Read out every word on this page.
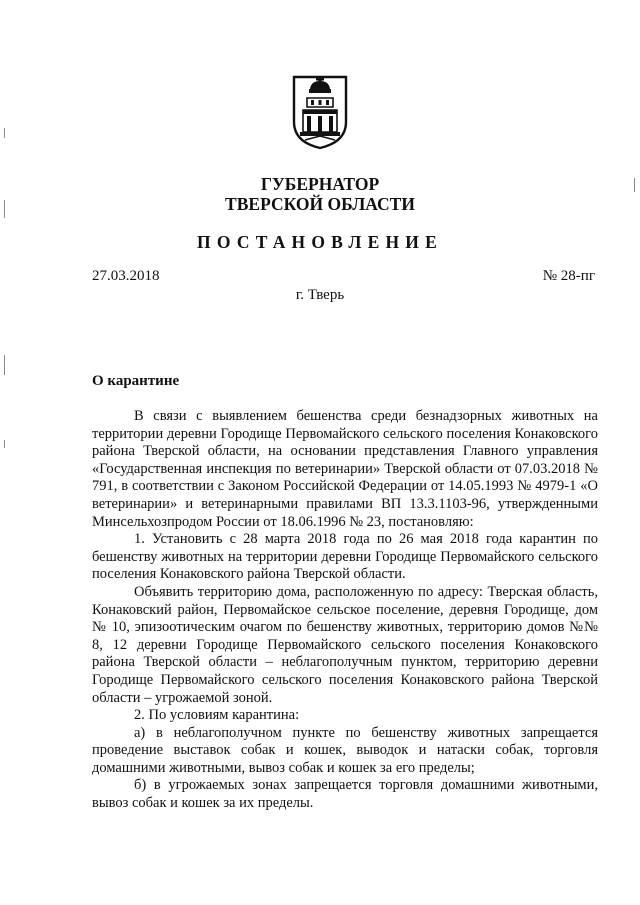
ГУБЕРНАТОР
ТВЕРСКОЙ ОБЛАСТИ
ПОСТАНОВЛЕНИЕ
27.03.2018	№ 28-пг
г. Тверь
О карантине

В связи с выявлением бешенства среди безнадзорных животных на территории деревни Городище Первомайского сельского поселения Конаковского района Тверской области, на основании представления Главного управления «Государственная инспекция по ветеринарии» Тверской области от 07.03.2018 № 791, в соответствии с Законом Российской Федерации от 14.05.1993 № 4979-1 «О ветеринарии» и ветеринарными правилами ВП 13.3.1103-96, утвержденными Минсельхозпродом России от 18.06.1996 № 23, постановляю:

1. Установить с 28 марта 2018 года по 26 мая 2018 года карантин по бешенству животных на территории деревни Городище Первомайского сельского поселения Конаковского района Тверской области.

Объявить территорию дома, расположенную по адресу: Тверская область, Конаковский район, Первомайское сельское поселение, деревня Городище, дом № 10, эпизоотическим очагом по бешенству животных, территорию домов №№ 8, 12 деревни Городище Первомайского сельского поселения Конаковского района Тверской области – неблагополучным пунктом, территорию деревни Городище Первомайского сельского поселения Конаковского района Тверской области – угрожаемой зоной.

2. По условиям карантина:

а) в неблагополучном пункте по бешенству животных запрещается проведение выставок собак и кошек, выводок и натаски собак, торговля домашними животными, вывоз собак и кошек за его пределы;

б) в угрожаемых зонах запрещается торговля домашними животными, вывоз собак и кошек за их пределы.
